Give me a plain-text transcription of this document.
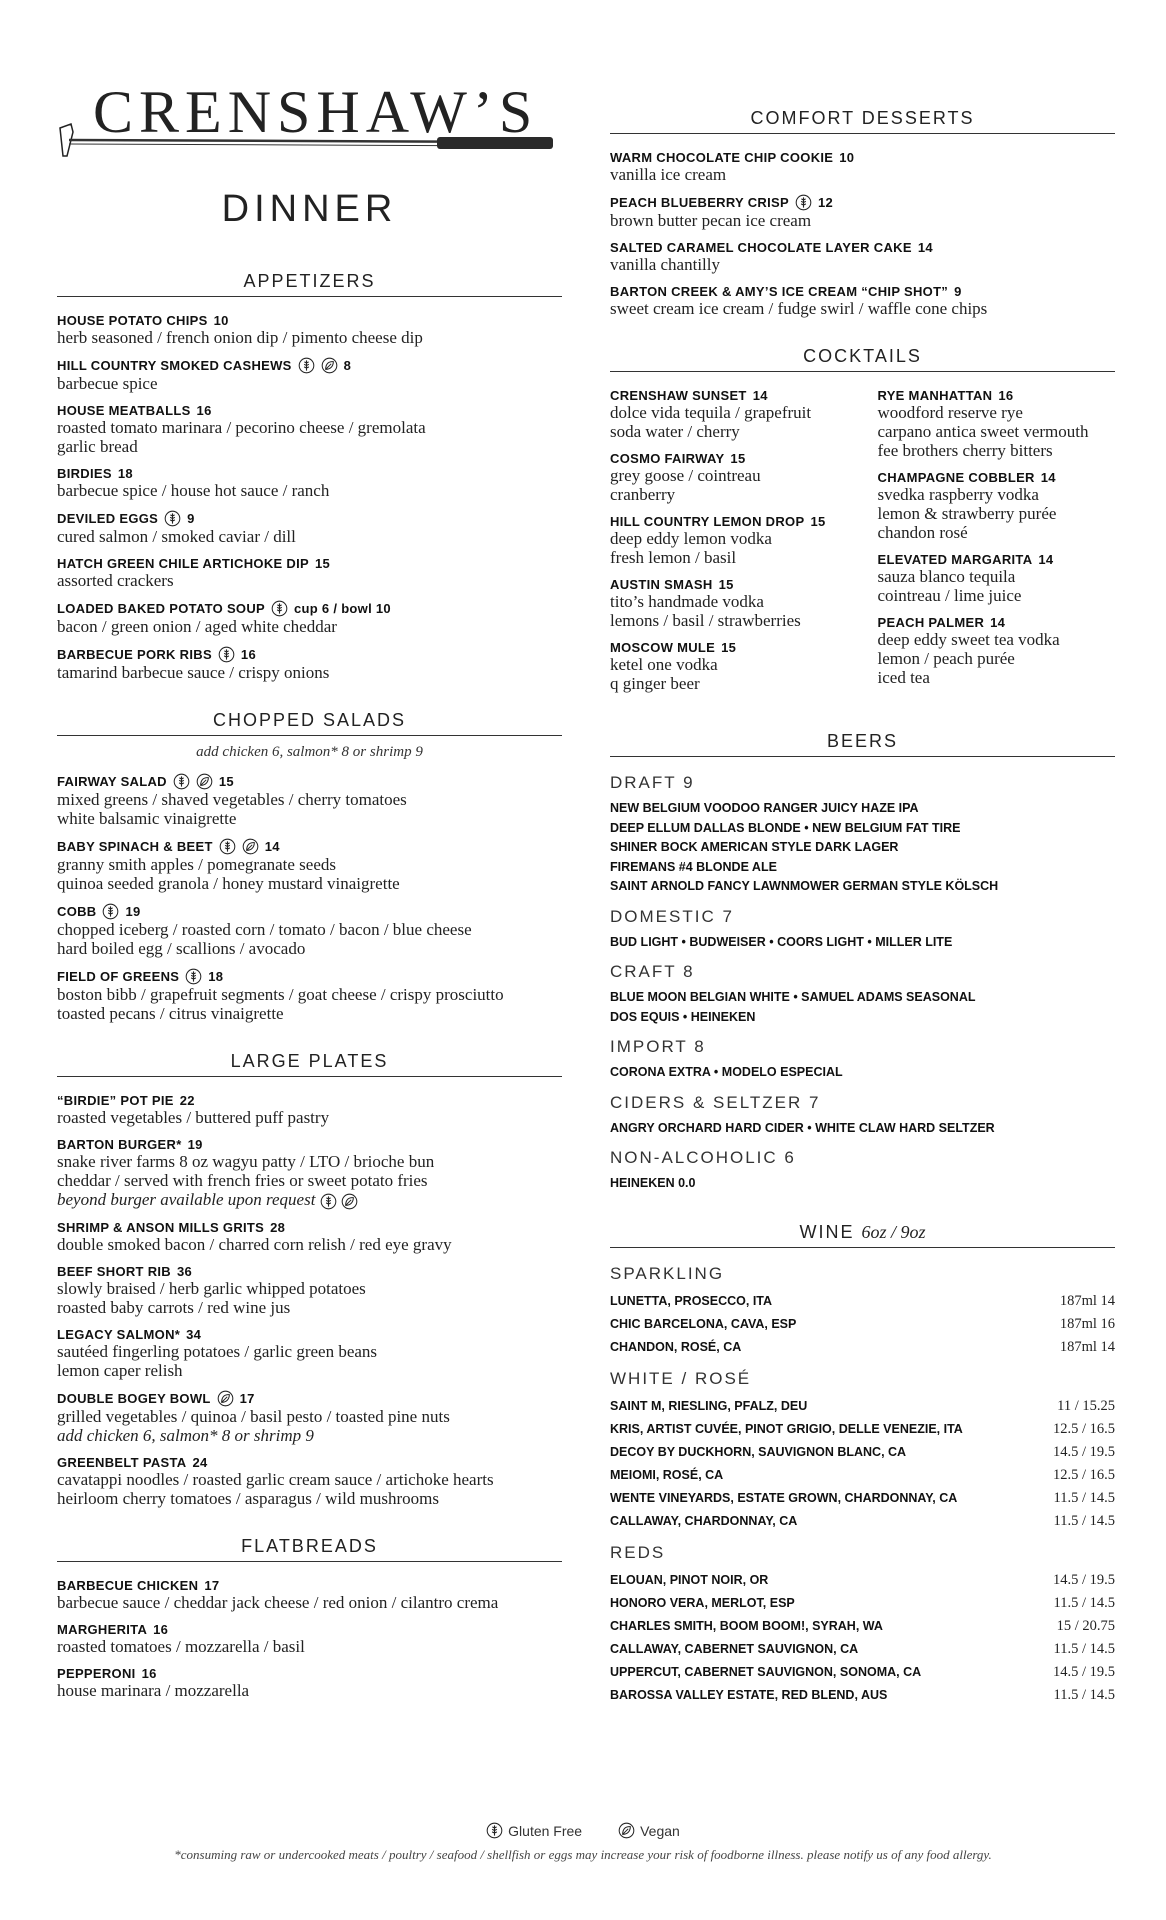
CRENSHAW’S
DINNER
APPETIZERS
HOUSE POTATO CHIPS 10
herb seasoned / french onion dip / pimento cheese dip
HILL COUNTRY SMOKED CASHEWS	8
barbecue spice
HOUSE MEATBALLS 16
roasted tomato marinara / pecorino cheese / gremolata
garlic bread
BIRDIES 18
barbecue spice / house hot sauce / ranch
DEVILED EGGS 9
cured salmon / smoked caviar / dill
HATCH GREEN CHILE ARTICHOKE DIP 15
assorted crackers
LOADED BAKED POTATO SOUP cup 6 / bowl 10
bacon / green onion / aged white cheddar
BARBECUE PORK RIBS 16
tamarind barbecue sauce / crispy onions
CHOPPED SALADS
add chicken 6, salmon* 8 or shrimp 9
FAIRWAY SALAD	15
mixed greens / shaved vegetables / cherry tomatoes
white balsamic vinaigrette
BABY SPINACH & BEET	14
granny smith apples / pomegranate seeds
quinoa seeded granola / honey mustard vinaigrette
COBB 19
chopped iceberg / roasted corn / tomato / bacon / blue cheese
hard boiled egg / scallions / avocado
FIELD OF GREENS 18
boston bibb / grapefruit segments / goat cheese / crispy prosciutto
toasted pecans / citrus vinaigrette
LARGE PLATES
“BIRDIE” POT PIE 22
roasted vegetables / buttered puff pastry
BARTON BURGER* 19
snake river farms 8 oz wagyu patty / LTO / brioche bun
cheddar / served with french fries or sweet potato fries
beyond burger available upon request
SHRIMP & ANSON MILLS GRITS 28
double smoked bacon / charred corn relish / red eye gravy
BEEF SHORT RIB 36
slowly braised / herb garlic whipped potatoes
roasted baby carrots / red wine jus
LEGACY SALMON* 34
sautéed fingerling potatoes / garlic green beans
lemon caper relish
DOUBLE BOGEY BOWL 17
grilled vegetables / quinoa / basil pesto / toasted pine nuts
add chicken 6, salmon* 8 or shrimp 9
GREENBELT PASTA 24
cavatappi noodles / roasted garlic cream sauce / artichoke hearts
heirloom cherry tomatoes / asparagus / wild mushrooms
FLATBREADS
BARBECUE CHICKEN 17
barbecue sauce / cheddar jack cheese / red onion / cilantro crema
MARGHERITA 16
roasted tomatoes / mozzarella / basil
PEPPERONI 16
house marinara / mozzarella
COMFORT DESSERTS
WARM CHOCOLATE CHIP COOKIE 10
vanilla ice cream
PEACH BLUEBERRY CRISP 12
brown butter pecan ice cream
SALTED CARAMEL CHOCOLATE LAYER CAKE 14
vanilla chantilly
BARTON CREEK & AMY’S ICE CREAM “CHIP SHOT” 9
sweet cream ice cream / fudge swirl / waffle cone chips
COCKTAILS
CRENSHAW SUNSET 14
dolce vida tequila / grapefruit
soda water / cherry
COSMO FAIRWAY 15
grey goose / cointreau
cranberry
HILL COUNTRY LEMON DROP 15
deep eddy lemon vodka
fresh lemon / basil
AUSTIN SMASH 15
tito’s handmade vodka
lemons / basil / strawberries
MOSCOW MULE 15
ketel one vodka
q ginger beer
RYE MANHATTAN 16
woodford reserve rye
carpano antica sweet vermouth
fee brothers cherry bitters
CHAMPAGNE COBBLER 14
svedka raspberry vodka
lemon & strawberry purée
chandon rosé
ELEVATED MARGARITA 14
sauza blanco tequila
cointreau / lime juice
PEACH PALMER 14
deep eddy sweet tea vodka
lemon / peach purée
iced tea
BEERS
DRAFT 9
NEW BELGIUM VOODOO RANGER JUICY HAZE IPA
DEEP ELLUM DALLAS BLONDE • NEW BELGIUM FAT TIRE
SHINER BOCK AMERICAN STYLE DARK LAGER
FIREMANS #4 BLONDE ALE
SAINT ARNOLD FANCY LAWNMOWER GERMAN STYLE KÖLSCH
DOMESTIC 7
BUD LIGHT • BUDWEISER • COORS LIGHT • MILLER LITE
CRAFT 8
BLUE MOON BELGIAN WHITE • SAMUEL ADAMS SEASONAL
DOS EQUIS • HEINEKEN
IMPORT 8
CORONA EXTRA • MODELO ESPECIAL
CIDERS & SELTZER 7
ANGRY ORCHARD HARD CIDER • WHITE CLAW HARD SELTZER
NON-ALCOHOLIC 6
HEINEKEN 0.0
WINE 6oz / 9oz
SPARKLING
LUNETTA, PROSECCO, ITA	187ml 14
CHIC BARCELONA, CAVA, ESP	187ml 16
CHANDON, ROSÉ, CA	187ml 14
WHITE / ROSÉ
SAINT M, RIESLING, PFALZ, DEU	11 / 15.25
KRIS, ARTIST CUVÉE, PINOT GRIGIO, DELLE VENEZIE, ITA	12.5 / 16.5
DECOY BY DUCKHORN, SAUVIGNON BLANC, CA	14.5 / 19.5
MEIOMI, ROSÉ, CA	12.5 / 16.5
WENTE VINEYARDS, ESTATE GROWN, CHARDONNAY, CA	11.5 / 14.5
CALLAWAY, CHARDONNAY, CA	11.5 / 14.5
REDS
ELOUAN, PINOT NOIR, OR	14.5 / 19.5
HONORO VERA, MERLOT, ESP	11.5 / 14.5
CHARLES SMITH, BOOM BOOM!, SYRAH, WA	15 / 20.75
CALLAWAY, CABERNET SAUVIGNON, CA	11.5 / 14.5
UPPERCUT, CABERNET SAUVIGNON, SONOMA, CA	14.5 / 19.5
BAROSSA VALLEY ESTATE, RED BLEND, AUS	11.5 / 14.5
Gluten Free	Vegan
*consuming raw or undercooked meats / poultry / seafood / shellfish or eggs may increase your risk of foodborne illness. please notify us of any food allergy.
